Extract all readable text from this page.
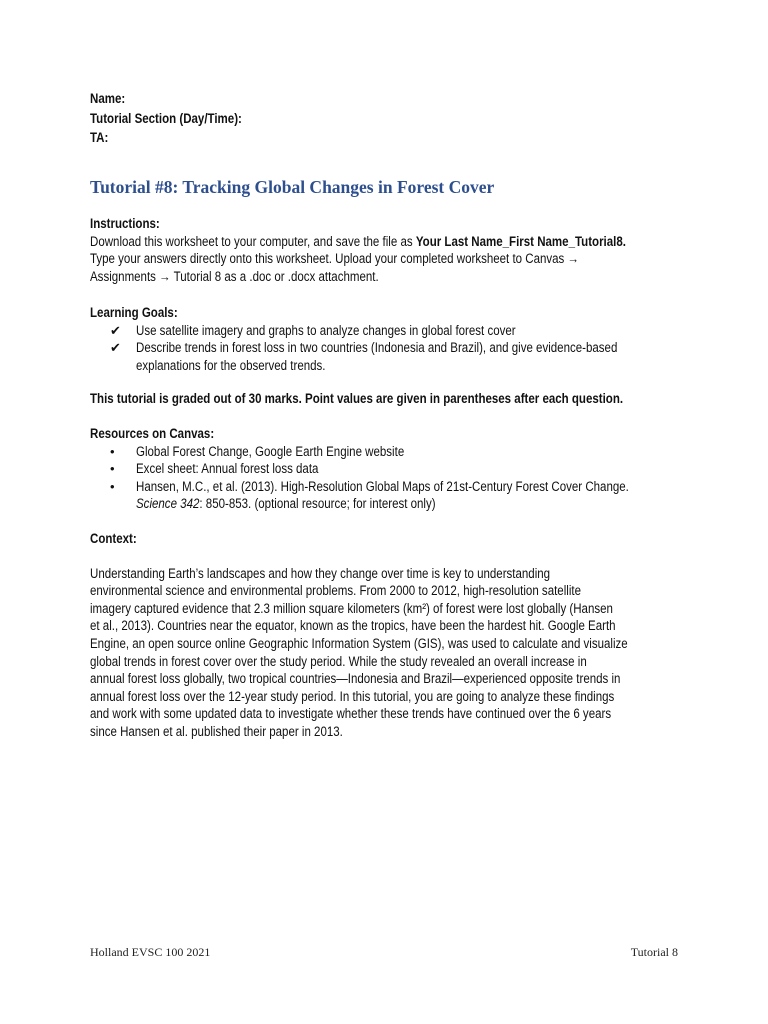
Name:
Tutorial Section (Day/Time):
TA:
Tutorial #8: Tracking Global Changes in Forest Cover
Instructions:
Download this worksheet to your computer, and save the file as Your Last Name_First Name_Tutorial8.
Type your answers directly onto this worksheet. Upload your completed worksheet to Canvas →
Assignments → Tutorial 8 as a .doc or .docx attachment.
Learning Goals:
✔ Use satellite imagery and graphs to analyze changes in global forest cover
✔ Describe trends in forest loss in two countries (Indonesia and Brazil), and give evidence-based
explanations for the observed trends.
This tutorial is graded out of 30 marks. Point values are given in parentheses after each question.
Resources on Canvas:
• Global Forest Change, Google Earth Engine website
• Excel sheet: Annual forest loss data
• Hansen, M.C., et al. (2013). High-Resolution Global Maps of 21st-Century Forest Cover Change.
Science 342: 850-853. (optional resource; for interest only)
Context:
Understanding Earth’s landscapes and how they change over time is key to understanding
environmental science and environmental problems. From 2000 to 2012, high-resolution satellite
imagery captured evidence that 2.3 million square kilometers (km²) of forest were lost globally (Hansen
et al., 2013). Countries near the equator, known as the tropics, have been the hardest hit. Google Earth
Engine, an open source online Geographic Information System (GIS), was used to calculate and visualize
global trends in forest cover over the study period. While the study revealed an overall increase in
annual forest loss globally, two tropical countries—Indonesia and Brazil—experienced opposite trends in
annual forest loss over the 12-year study period. In this tutorial, you are going to analyze these findings
and work with some updated data to investigate whether these trends have continued over the 6 years
since Hansen et al. published their paper in 2013.
Holland EVSC 100 2021	Tutorial 8
